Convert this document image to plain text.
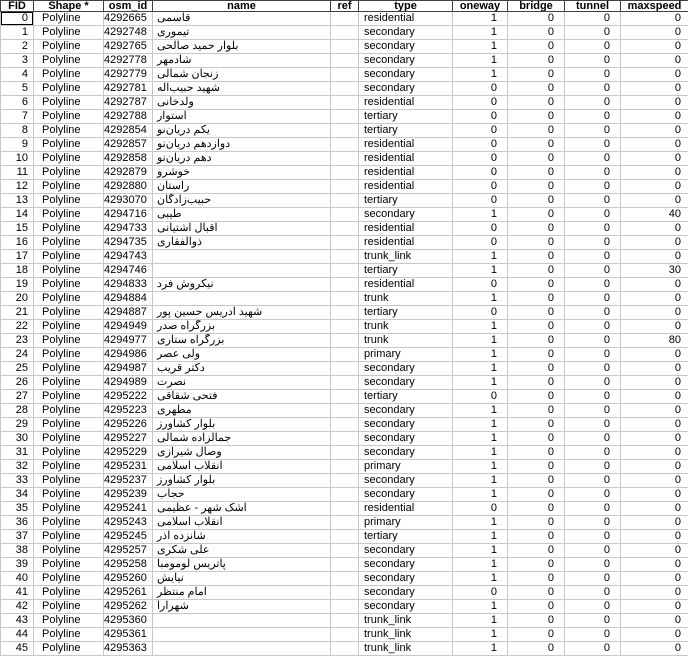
FID	Shape *	osm_id	name	ref	type	oneway	bridge	tunnel	maxspeed
0	Polyline	4292665	قاسمی		residential	1	0	0	0
1	Polyline	4292748	تیموری		secondary	1	0	0	0
2	Polyline	4292765	بلوار حمید صالحی		secondary	1	0	0	0
3	Polyline	4292778	شادمهر		secondary	1	0	0	0
4	Polyline	4292779	زنجان شمالی		secondary	1	0	0	0
5	Polyline	4292781	شهید حبیب‌اله		secondary	0	0	0	0
6	Polyline	4292787	ولدخانی		residential	0	0	0	0
7	Polyline	4292788	استوار		tertiary	0	0	0	0
8	Polyline	4292854	یکم دریان‌نو		tertiary	0	0	0	0
9	Polyline	4292857	دوازدهم دریان‌نو		residential	0	0	0	0
10	Polyline	4292858	دهم دریان‌نو		residential	0	0	0	0
11	Polyline	4292879	خوشرو		residential	0	0	0	0
12	Polyline	4292880	راستان		residential	0	0	0	0
13	Polyline	4293070	حبیب‌زادگان		tertiary	0	0	0	0
14	Polyline	4294716	طیبی		secondary	1	0	0	40
15	Polyline	4294733	اقبال آشتیانی		residential	0	0	0	0
16	Polyline	4294735	ذوالفقاری		residential	0	0	0	0
17	Polyline	4294743			trunk_link	1	0	0	0
18	Polyline	4294746			tertiary	1	0	0	30
19	Polyline	4294833	نیکروش فرد		residential	0	0	0	0
20	Polyline	4294884			trunk	1	0	0	0
21	Polyline	4294887	شهید ادریس حسین پور		tertiary	0	0	0	0
22	Polyline	4294949	بزرگراه صدر		trunk	1	0	0	0
23	Polyline	4294977	بزرگراه ستاری		trunk	1	0	0	80
24	Polyline	4294986	ولی عصر		primary	1	0	0	0
25	Polyline	4294987	دکتر قریب		secondary	1	0	0	0
26	Polyline	4294989	نصرت		secondary	1	0	0	0
27	Polyline	4295222	فتحی شقاقی		tertiary	0	0	0	0
28	Polyline	4295223	مطهری		secondary	1	0	0	0
29	Polyline	4295226	بلوار کشاورز		secondary	1	0	0	0
30	Polyline	4295227	جمالزاده شمالی		secondary	1	0	0	0
31	Polyline	4295229	وصال شیرازی		secondary	1	0	0	0
32	Polyline	4295231	انقلاب اسلامی		primary	1	0	0	0
33	Polyline	4295237	بلوار کشاورز		secondary	1	0	0	0
34	Polyline	4295239	حجاب		secondary	1	0	0	0
35	Polyline	4295241	اشک شهر - عظیمی		residential	0	0	0	0
36	Polyline	4295243	انقلاب اسلامی		primary	1	0	0	0
37	Polyline	4295245	شانزده آذر		tertiary	1	0	0	0
38	Polyline	4295257	علی شکری		secondary	1	0	0	0
39	Polyline	4295258	پاتریس لومومبا		secondary	1	0	0	0
40	Polyline	4295260	نیایش		secondary	1	0	0	0
41	Polyline	4295261	امام منتظر		secondary	0	0	0	0
42	Polyline	4295262	شهرارا		secondary	1	0	0	0
43	Polyline	4295360			trunk_link	1	0	0	0
44	Polyline	4295361			trunk_link	1	0	0	0
45	Polyline	4295363			trunk_link	1	0	0	0
